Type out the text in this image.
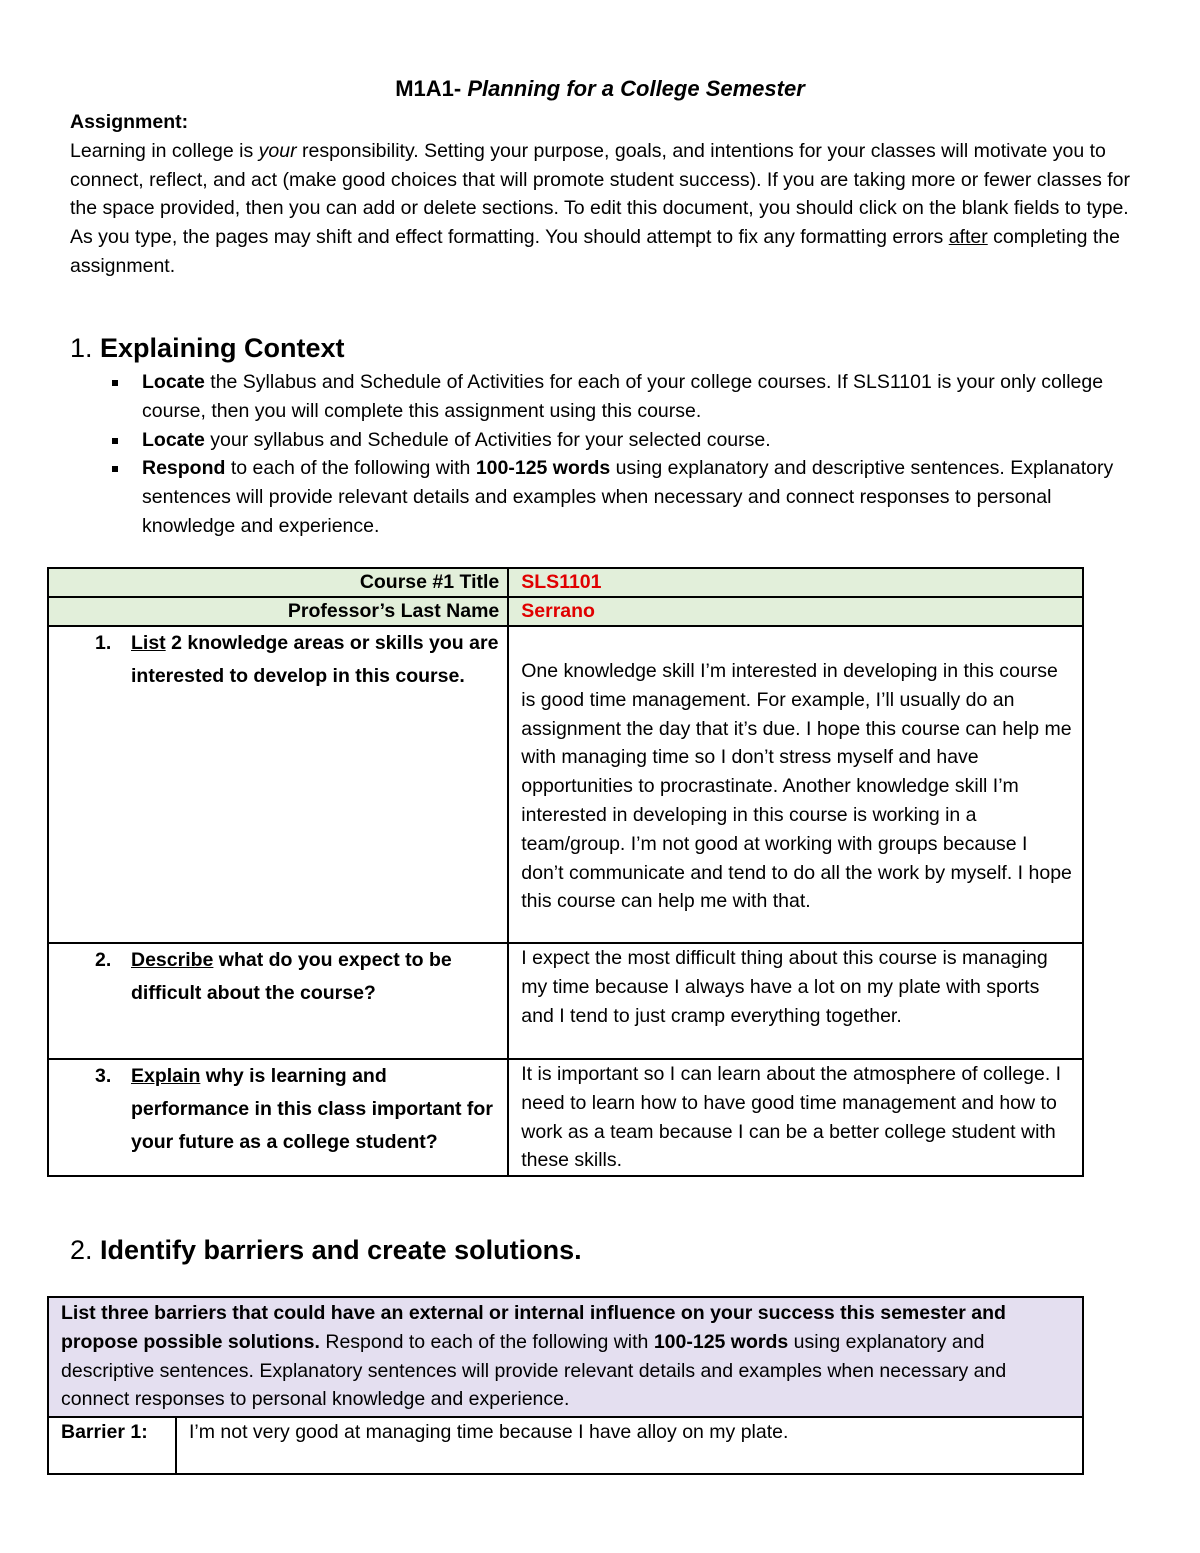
M1A1- Planning for a College Semester
Assignment:

Learning in college is your responsibility. Setting your purpose, goals, and intentions for your classes will motivate you to connect, reflect, and act (make good choices that will promote student success). If you are taking more or fewer classes for the space provided, then you can add or delete sections. To edit this document, you should click on the blank fields to type. As you type, the pages may shift and effect formatting. You should attempt to fix any formatting errors after completing the assignment.

1. Explaining Context
Locate the Syllabus and Schedule of Activities for each of your college courses. If SLS1101 is your only college course, then you will complete this assignment using this course.
Locate your syllabus and Schedule of Activities for your selected course.
Respond to each of the following with 100-125 words using explanatory and descriptive sentences. Explanatory sentences will provide relevant details and examples when necessary and connect responses to personal knowledge and experience.
Course #1 Title	SLS1101
Professor’s Last Name	Serrano

1. List 2 knowledge areas or skills you are interested to develop in this course.	One knowledge skill I’m interested in developing in this course is good time management. For example, I’ll usually do an assignment the day that it’s due. I hope this course can help me with managing time so I don’t stress myself and have opportunities to procrastinate. Another knowledge skill I’m interested in developing in this course is working in a team/group. I’m not good at working with groups because I don’t communicate and tend to do all the work by myself. I hope this course can help me with that.

2. Describe what do you expect to be difficult about the course?	I expect the most difficult thing about this course is managing my time because I always have a lot on my plate with sports and I tend to just cramp everything together.

3. Explain why is learning and performance in this class important for your future as a college student?	It is important so I can learn about the atmosphere of college. I need to learn how to have good time management and how to work as a team because I can be a better college student with these skills.
2. Identify barriers and create solutions.
List three barriers that could have an external or internal influence on your success this semester and propose possible solutions. Respond to each of the following with 100-125 words using explanatory and descriptive sentences. Explanatory sentences will provide relevant details and examples when necessary and connect responses to personal knowledge and experience.
Barrier 1:	I’m not very good at managing time because I have alloy on my plate.
